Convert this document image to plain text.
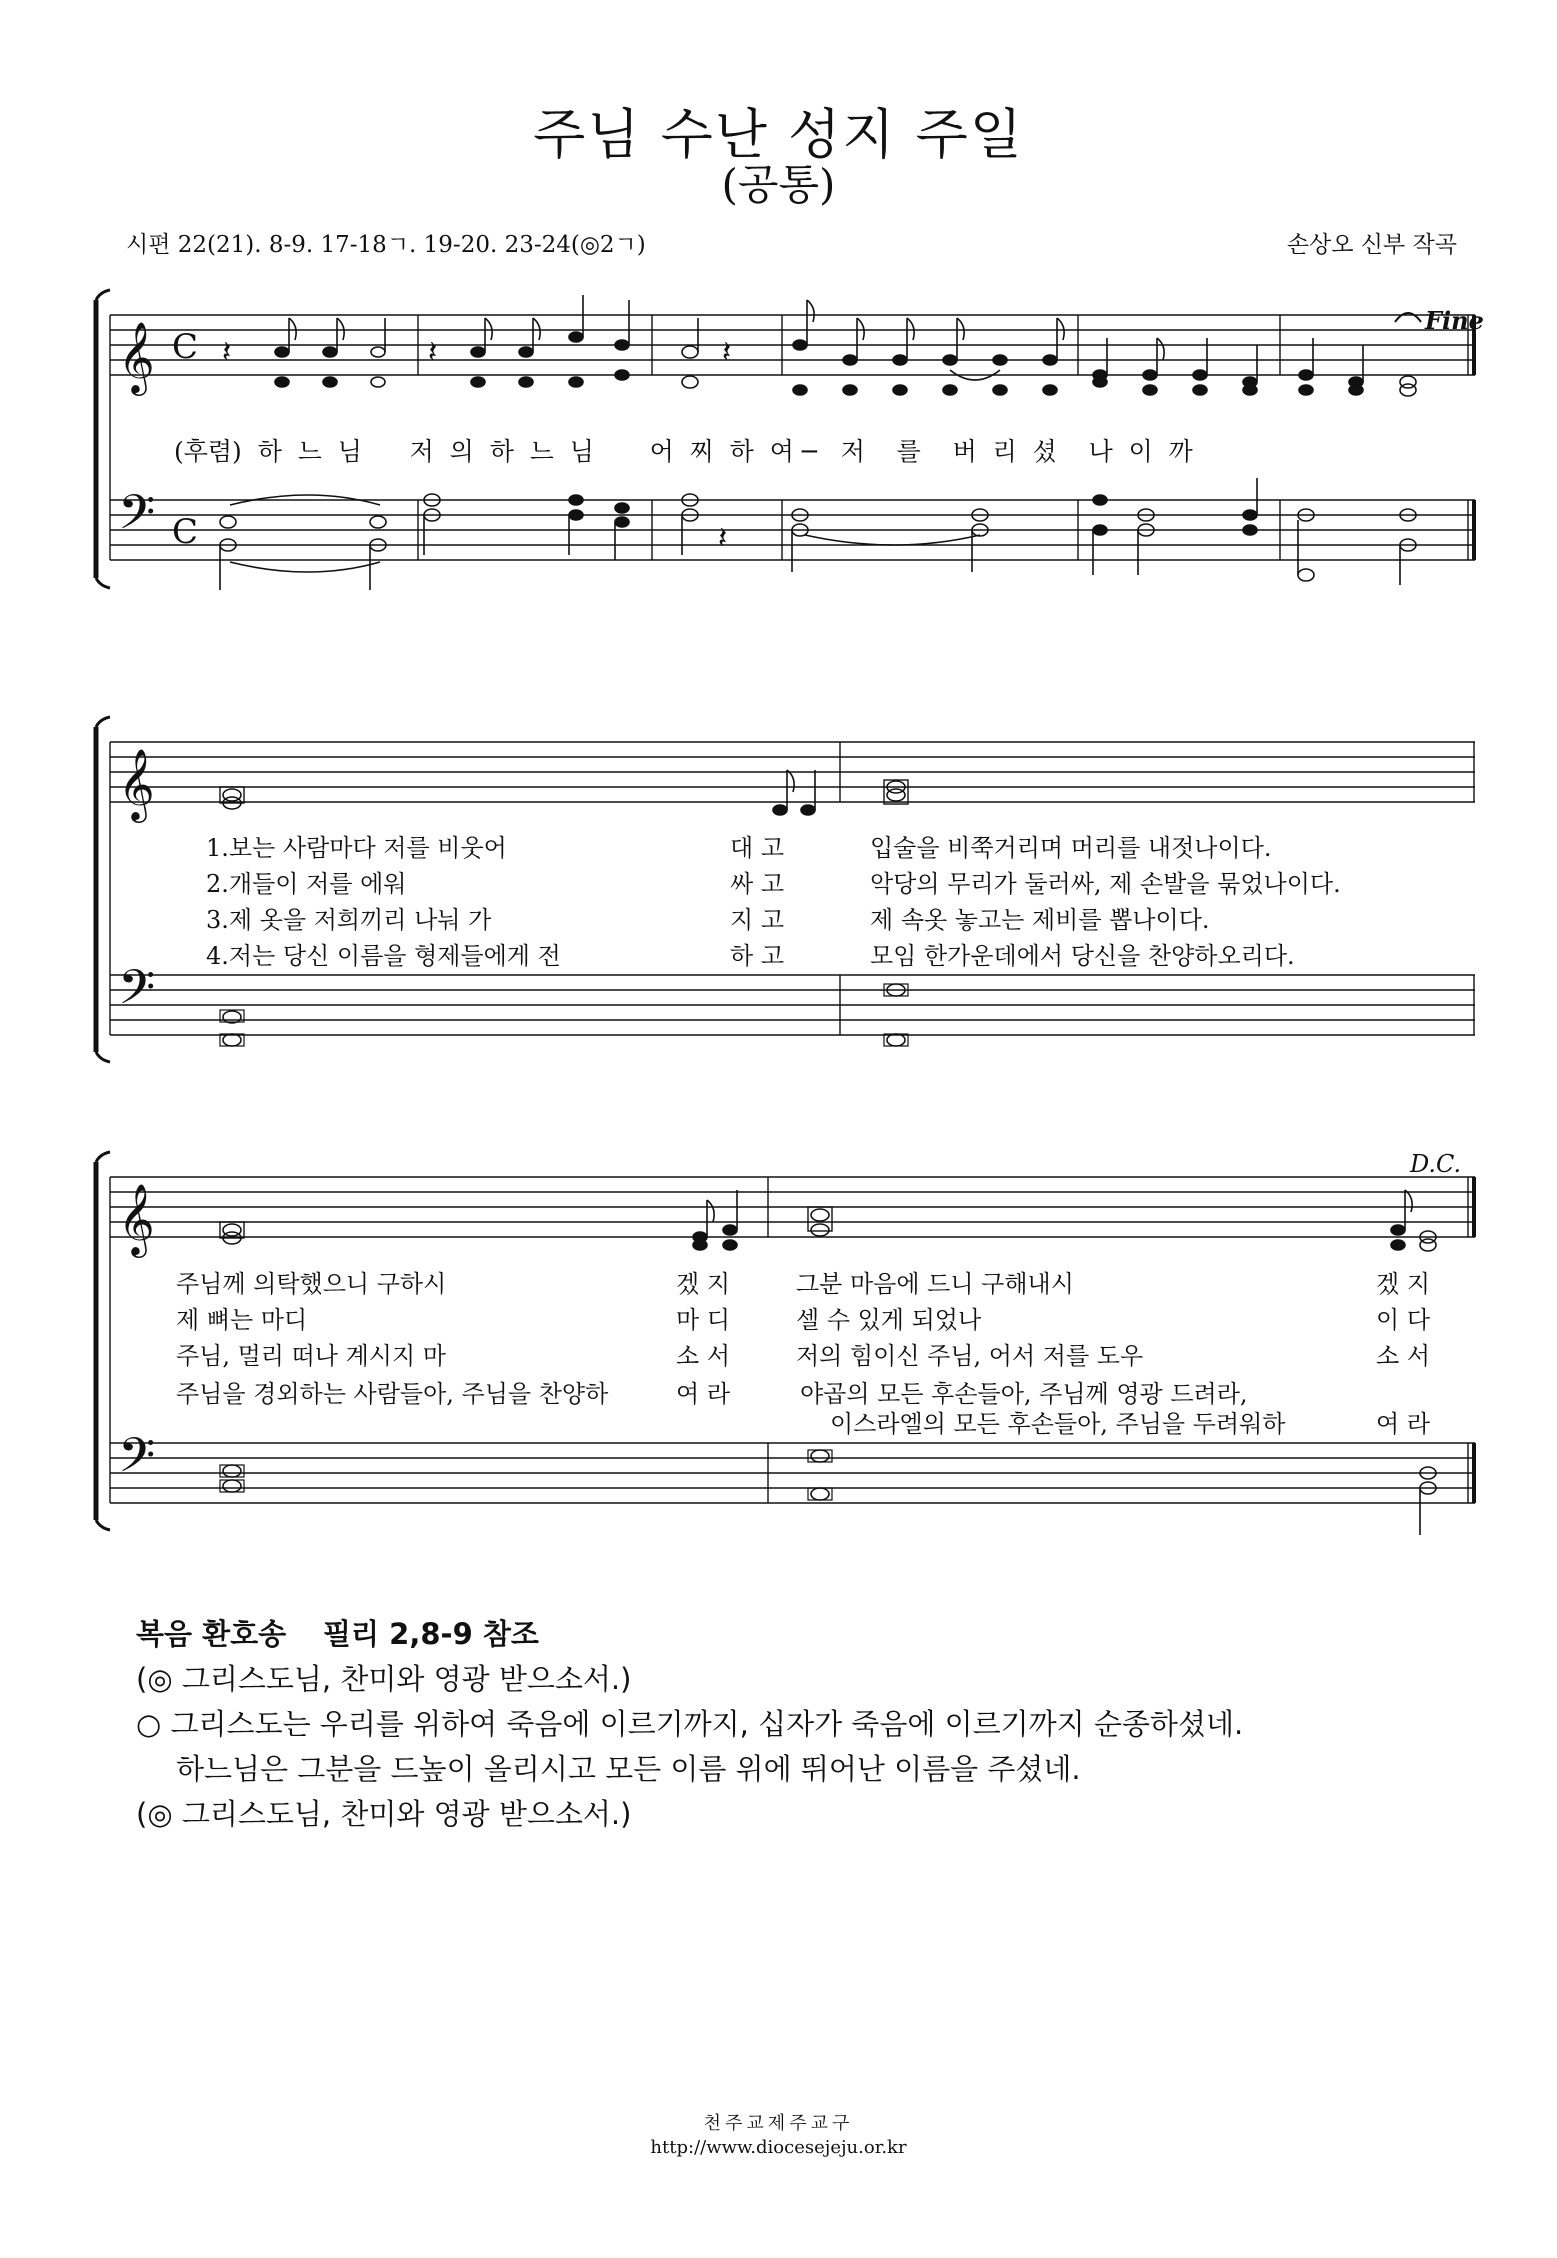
주님 수난 성지 주일
(공통)
시편 22(21). 8-9. 17-18ㄱ. 19-20. 23-24(◎2ㄱ)	손상오 신부 작곡
𝄞
𝄢
C
C
𝄞
𝄢
𝄞
𝄢
𝄽	𝄽	𝄽
𝄽
Fine
D.C.
(후렴)  하  느  님      저  의  하  느  님       어  찌  하  여 ─   저    를    버  리  셨    나  이  까
1.보는 사람마다 저를 비웃어	대 고	입술을 비쭉거리며 머리를 내젓나이다.
2.개들이 저를 에워	싸 고	악당의 무리가 둘러싸, 제 손발을 묶었나이다.
3.제 옷을 저희끼리 나눠 가	지 고	제 속옷 놓고는 제비를 뽑나이다.
4.저는 당신 이름을 형제들에게 전	하 고	모임 한가운데에서 당신을 찬양하오리다.
주님께 의탁했으니 구하시	겠 지	그분 마음에 드니 구해내시	겠 지
제 뼈는 마디	마 디	셀 수 있게 되었나	이 다
주님, 멀리 떠나 계시지 마	소 서	저의 힘이신 주님, 어서 저를 도우	소 서
주님을 경외하는 사람들아, 주님을 찬양하	여 라	야곱의 모든 후손들아, 주님께 영광 드려라,
이스라엘의 모든 후손들아, 주님을 두려워하	여 라
복음 환호송 필리 2,8-9 참조
(◎ 그리스도님, 찬미와 영광 받으소서.)
○ 그리스도는 우리를 위하여 죽음에 이르기까지, 십자가 죽음에 이르기까지 순종하셨네.
하느님은 그분을 드높이 올리시고 모든 이름 위에 뛰어난 이름을 주셨네.
(◎ 그리스도님, 찬미와 영광 받으소서.)
천주교제주교구
http://www.diocesejeju.or.kr
